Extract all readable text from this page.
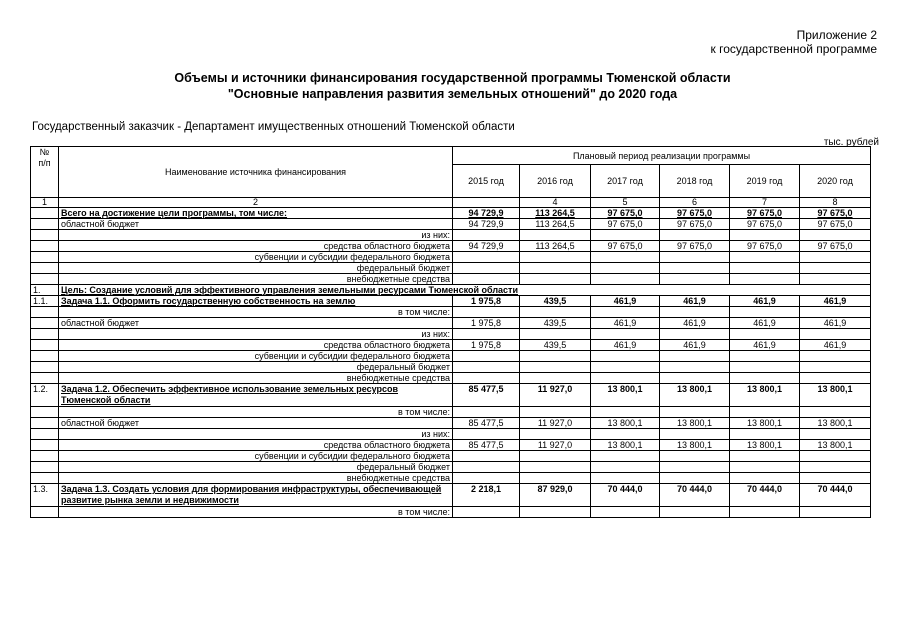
Приложение 2
к государственной программе
Объемы и источники финансирования государственной программы Тюменской области
"Основные направления развития земельных отношений" до 2020 года
Государственный заказчик - Департамент имущественных отношений Тюменской области
тыс. рублей
№
п/п	Наименование источника финансирования	Плановый период реализации программы					
		2015 год	2016 год	2017 год	2018 год	2019 год	2020 год
1	2		4	5	6	7	8
	Всего на достижение цели программы, том числе:	94 729,9	113 264,5	97 675,0	97 675,0	97 675,0	97 675,0
	областной бюджет	94 729,9	113 264,5	97 675,0	97 675,0	97 675,0	97 675,0
	из них:						
	средства областного бюджета	94 729,9	113 264,5	97 675,0	97 675,0	97 675,0	97 675,0
	субвенции и субсидии федерального бюджета						
	федеральный бюджет						
	внебюджетные средства						
1.	Цель: Создание условий для эффективного управления земельными ресурсами Тюменской области						
1.1.	Задача 1.1. Оформить государственную собственность на землю	1 975,8	439,5	461,9	461,9	461,9	461,9
	в том числе:						
	областной бюджет	1 975,8	439,5	461,9	461,9	461,9	461,9
	из них:						
	средства областного бюджета	1 975,8	439,5	461,9	461,9	461,9	461,9
	субвенции и субсидии федерального бюджета						
	федеральный бюджет						
	внебюджетные средства						
1.2.	Задача 1.2. Обеспечить эффективное использование земельных ресурсов Тюменской области	85 477,5	11 927,0	13 800,1	13 800,1	13 800,1	13 800,1
	в том числе:						
	областной бюджет	85 477,5	11 927,0	13 800,1	13 800,1	13 800,1	13 800,1
	из них:						
	средства областного бюджета	85 477,5	11 927,0	13 800,1	13 800,1	13 800,1	13 800,1
	субвенции и субсидии федерального бюджета						
	федеральный бюджет						
	внебюджетные средства						
1.3.	Задача 1.3. Создать условия для формирования инфраструктуры, обеспечивающей развитие рынка земли и недвижимости	2 218,1	87 929,0	70 444,0	70 444,0	70 444,0	70 444,0
	в том числе:						
